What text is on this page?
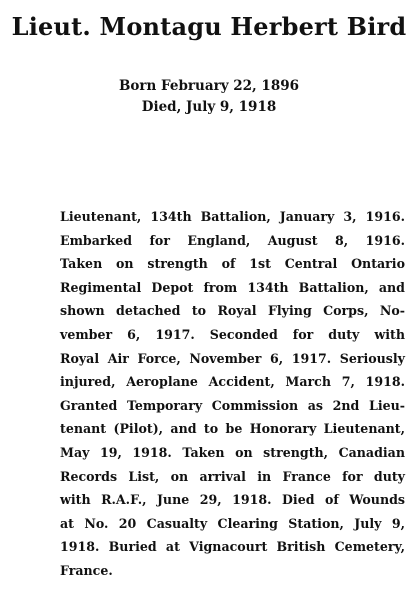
Lieut. Montagu Herbert Bird
Born February 22, 1896
Died, July 9, 1918
Lieutenant, 134th Battalion, January 3, 1916.
Embarked for England, August 8, 1916.
Taken on strength of 1st Central Ontario
Regimental Depot from 134th Battalion, and
shown detached to Royal Flying Corps, No-
vember 6, 1917. Seconded for duty with
Royal Air Force, November 6, 1917. Seriously
injured, Aeroplane Accident, March 7, 1918.
Granted Temporary Commission as 2nd Lieu-
tenant (Pilot), and to be Honorary Lieutenant,
May 19, 1918. Taken on strength, Canadian
Records List, on arrival in France for duty
with R.A.F., June 29, 1918. Died of Wounds
at No. 20 Casualty Clearing Station, July 9,
1918. Buried at Vignacourt British Cemetery,
France.
